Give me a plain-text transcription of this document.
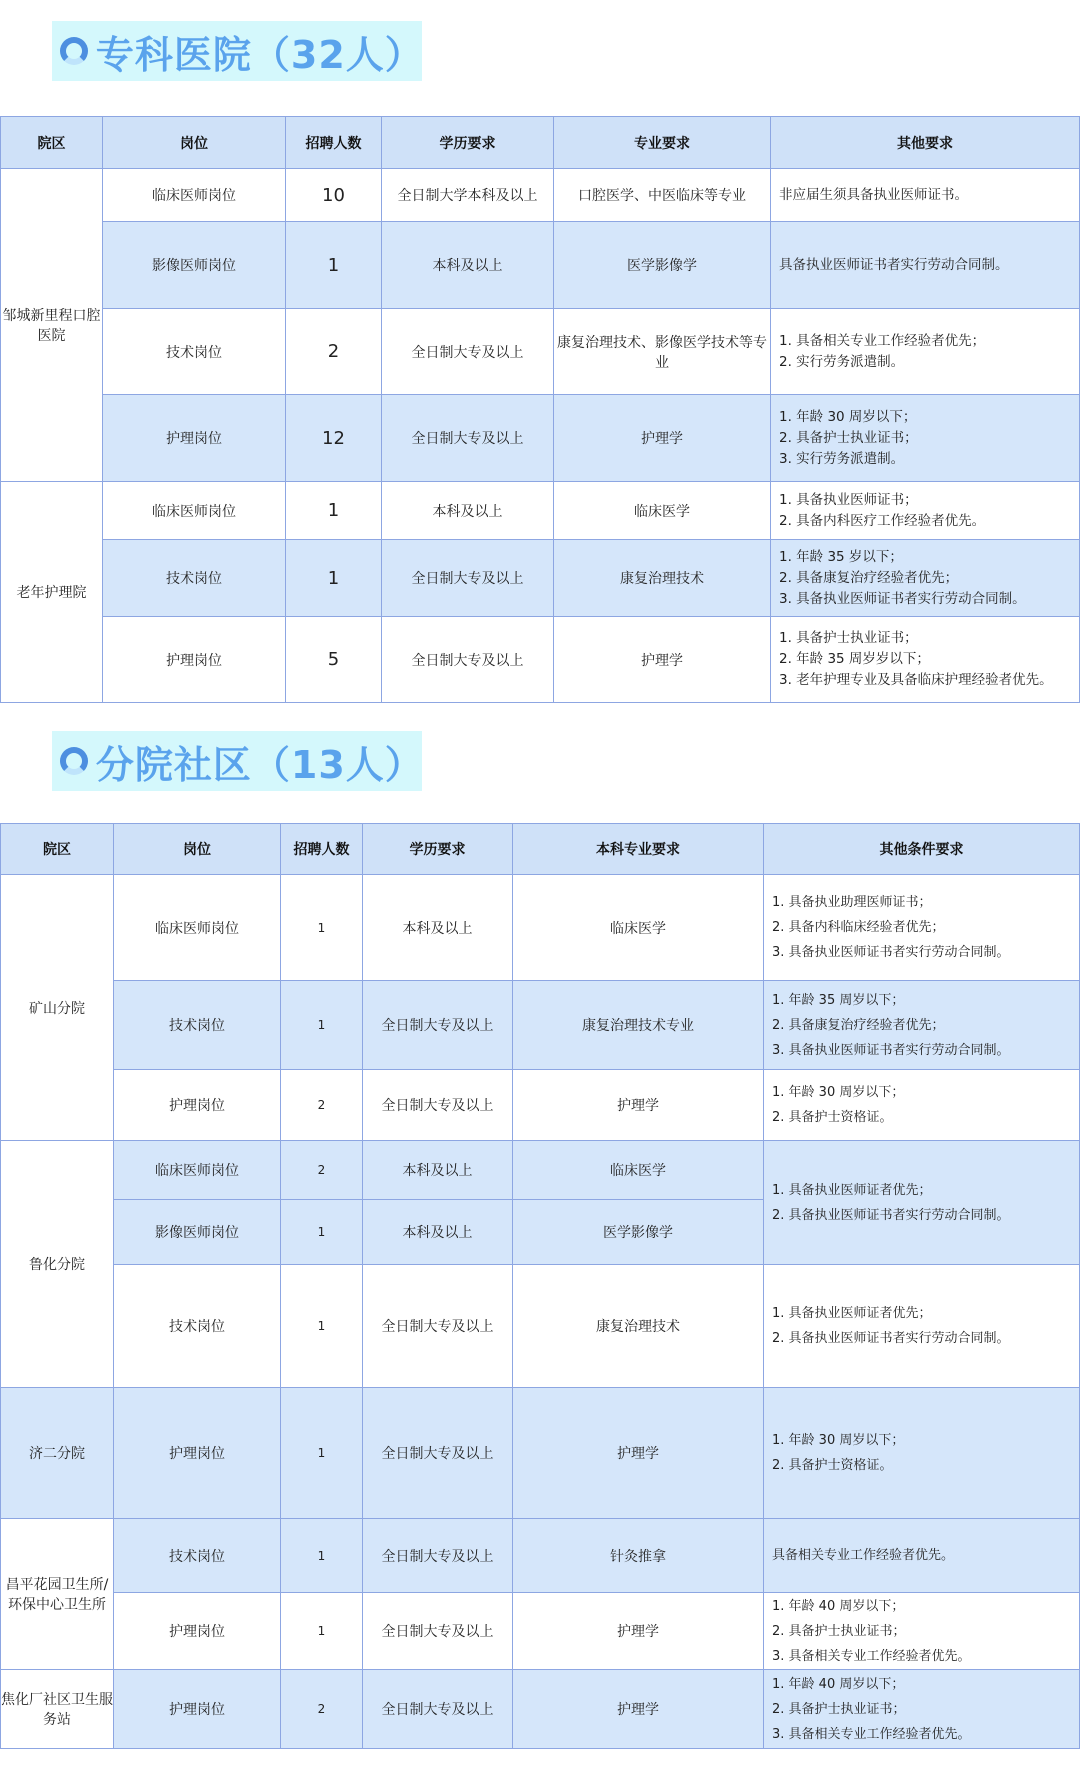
专科医院（32人）
院区	岗位	招聘人数	学历要求	专业要求	其他要求
邹城新里程口腔医院	临床医师岗位	10	全日制大学本科及以上	口腔医学、中医临床等专业	非应届生须具备执业医师证书。

	影像医师岗位	1	本科及以上	医学影像学	具备执业医师证书者实行劳动合同制。

	技术岗位	2	全日制大专及以上	康复治理技术、影像医学技术等专业	1. 具备相关专业工作经验者优先；
2. 实行劳务派遣制。

	护理岗位	12	全日制大专及以上	护理学	1. 年龄 30 周岁以下；
2. 具备护士执业证书；
3. 实行劳务派遣制。

老年护理院	临床医师岗位	1	本科及以上	临床医学	1. 具备执业医师证书；
2. 具备内科医疗工作经验者优先。

	技术岗位	1	全日制大专及以上	康复治理技术	1. 年龄 35 岁以下；
2. 具备康复治疗经验者优先；
3. 具备执业医师证书者实行劳动合同制。

	护理岗位	5	全日制大专及以上	护理学	1. 具备护士执业证书；
2. 年龄 35 周岁岁以下；
3. 老年护理专业及具备临床护理经验者优先。
分院社区（13人）
院区	岗位	招聘人数	学历要求	本科专业要求	其他条件要求
矿山分院	临床医师岗位	1	本科及以上	临床医学	1. 具备执业助理医师证书；
2. 具备内科临床经验者优先；
3. 具备执业医师证书者实行劳动合同制。

	技术岗位	1	全日制大专及以上	康复治理技术专业	1. 年龄 35 周岁以下；
2. 具备康复治疗经验者优先；
3. 具备执业医师证书者实行劳动合同制。

	护理岗位	2	全日制大专及以上	护理学	1. 年龄 30 周岁以下；
2. 具备护士资格证。

鲁化分院	临床医师岗位	2	本科及以上	临床医学	1. 具备执业医师证者优先；
2. 具备执业医师证书者实行劳动合同制。

	影像医师岗位	1	本科及以上	医学影像学	
	技术岗位	1	全日制大专及以上	康复治理技术	1. 具备执业医师证者优先；
2. 具备执业医师证书者实行劳动合同制。

济二分院	护理岗位	1	全日制大专及以上	护理学	1. 年龄 30 周岁以下；
2. 具备护士资格证。

昌平花园卫生所/环保中心卫生所	技术岗位	1	全日制大专及以上	针灸推拿	具备相关专业工作经验者优先。

	护理岗位	1	全日制大专及以上	护理学	1. 年龄 40 周岁以下；
2. 具备护士执业证书；
3. 具备相关专业工作经验者优先。

焦化厂社区卫生服务站	护理岗位	2	全日制大专及以上	护理学	1. 年龄 40 周岁以下；
2. 具备护士执业证书；
3. 具备相关专业工作经验者优先。
